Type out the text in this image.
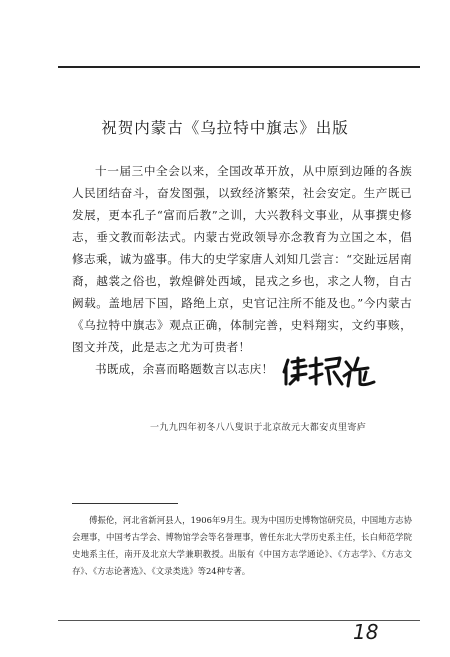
祝贺内蒙古《乌拉特中旗志》出版

十一届三中全会以来，全国改革开放，从中原到边陲的各族人民团结奋斗，奋发图强，以致经济繁荣，社会安定。生产既已发展，更本孔子“富而后教”之训，大兴教科文事业，从事撰史修志，垂文教而彰法式。内蒙古党政领导亦念教育为立国之本，倡修志乘，诚为盛事。伟大的史学家唐人刘知几尝言：“交趾远居南裔，越裳之俗也，敦煌僻处西域，昆戎之乡也，求之人物，自古阙载。盖地居下国，路绝上京，史官记注所不能及也。”今内蒙古《乌拉特中旗志》观点正确，体制完善，史料翔实，文约事赅，图文并茂，此是志之尤为可贵者！

书既成，余喜而略题数言以志庆！

一九九四年初冬八八叟识于北京故元大都安贞里寄庐

傅振伦，河北省新河县人，1906年9月生。现为中国历史博物馆研究员，中国地方志协会理事，中国考古学会、博物馆学会等名誉理事，曾任东北大学历史系主任，长白师范学院史地系主任，南开及北京大学兼职教授。出版有《中国方志学通论》、《方志学》、《方志文存》、《方志论著选》、《文录类选》等24种专著。

18
